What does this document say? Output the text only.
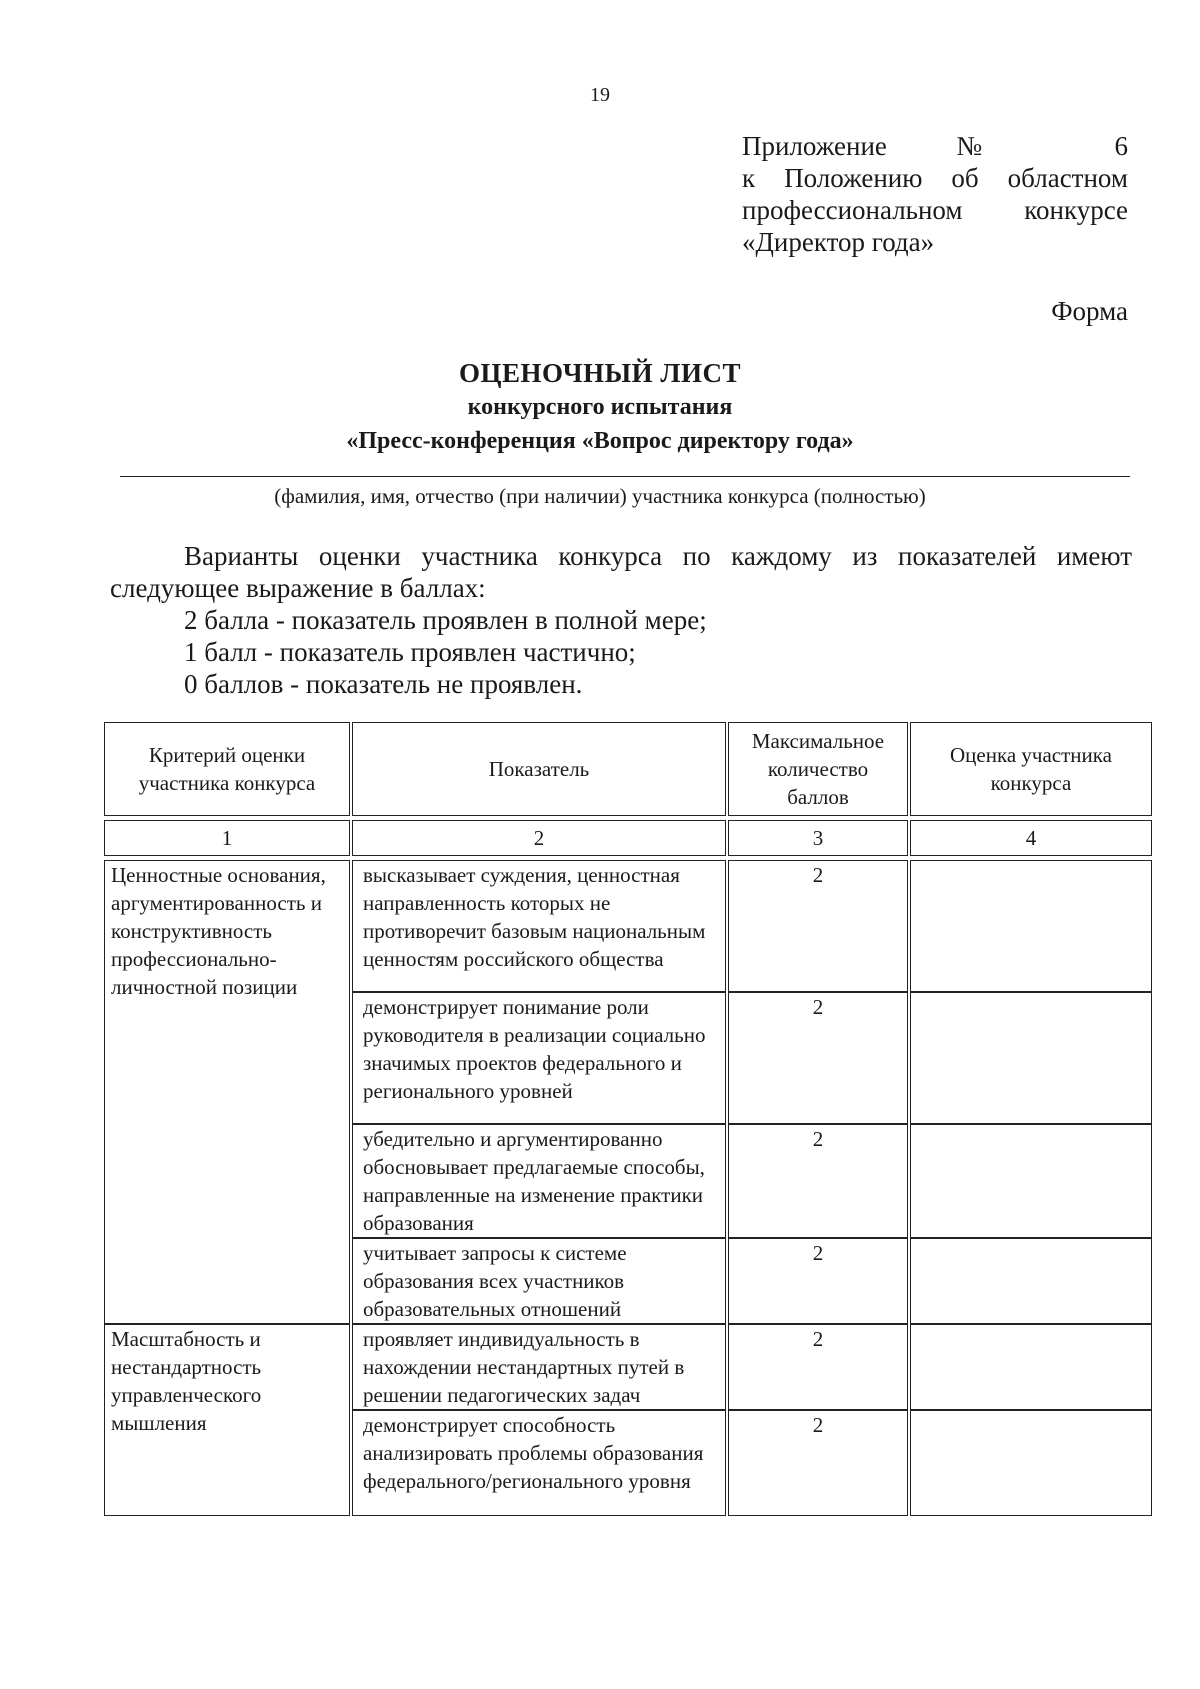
19
Приложение № 6
к Положению об областном
профессиональном конкурсе
«Директор года»
Форма
ОЦЕНОЧНЫЙ ЛИСТ
конкурсного испытания
«Пресс-конференция «Вопрос директору года»
(фамилия, имя, отчество (при наличии) участника конкурса (полностью)

Варианты оценки участника конкурса по каждому из показателей имеют следующее выражение в баллах:

2 балла - показатель проявлен в полной мере;

1 балл - показатель проявлен частично;

0 баллов - показатель не проявлен.

Критерий оценки участника конкурса	Показатель	Максимальное количество баллов	Оценка участника конкурса

1	2	3	4

Ценностные основания, аргументированность и конструктивность профессионально-личностной позиции	высказывает суждения, ценностная направленность которых не противоречит базовым национальным ценностям российского общества	2	
	демонстрирует понимание роли руководителя в реализации социально значимых проектов федерального и регионального уровней	2	
	убедительно и аргументированно обосновывает предлагаемые способы, направленные на изменение практики образования	2	
	учитывает запросы к системе образования всех участников образовательных отношений	2	
Масштабность и нестандартность управленческого мышления	проявляет индивидуальность в нахождении нестандартных путей в решении педагогических задач	2	
	демонстрирует способность анализировать проблемы образования федерального/регионального уровня	2	
